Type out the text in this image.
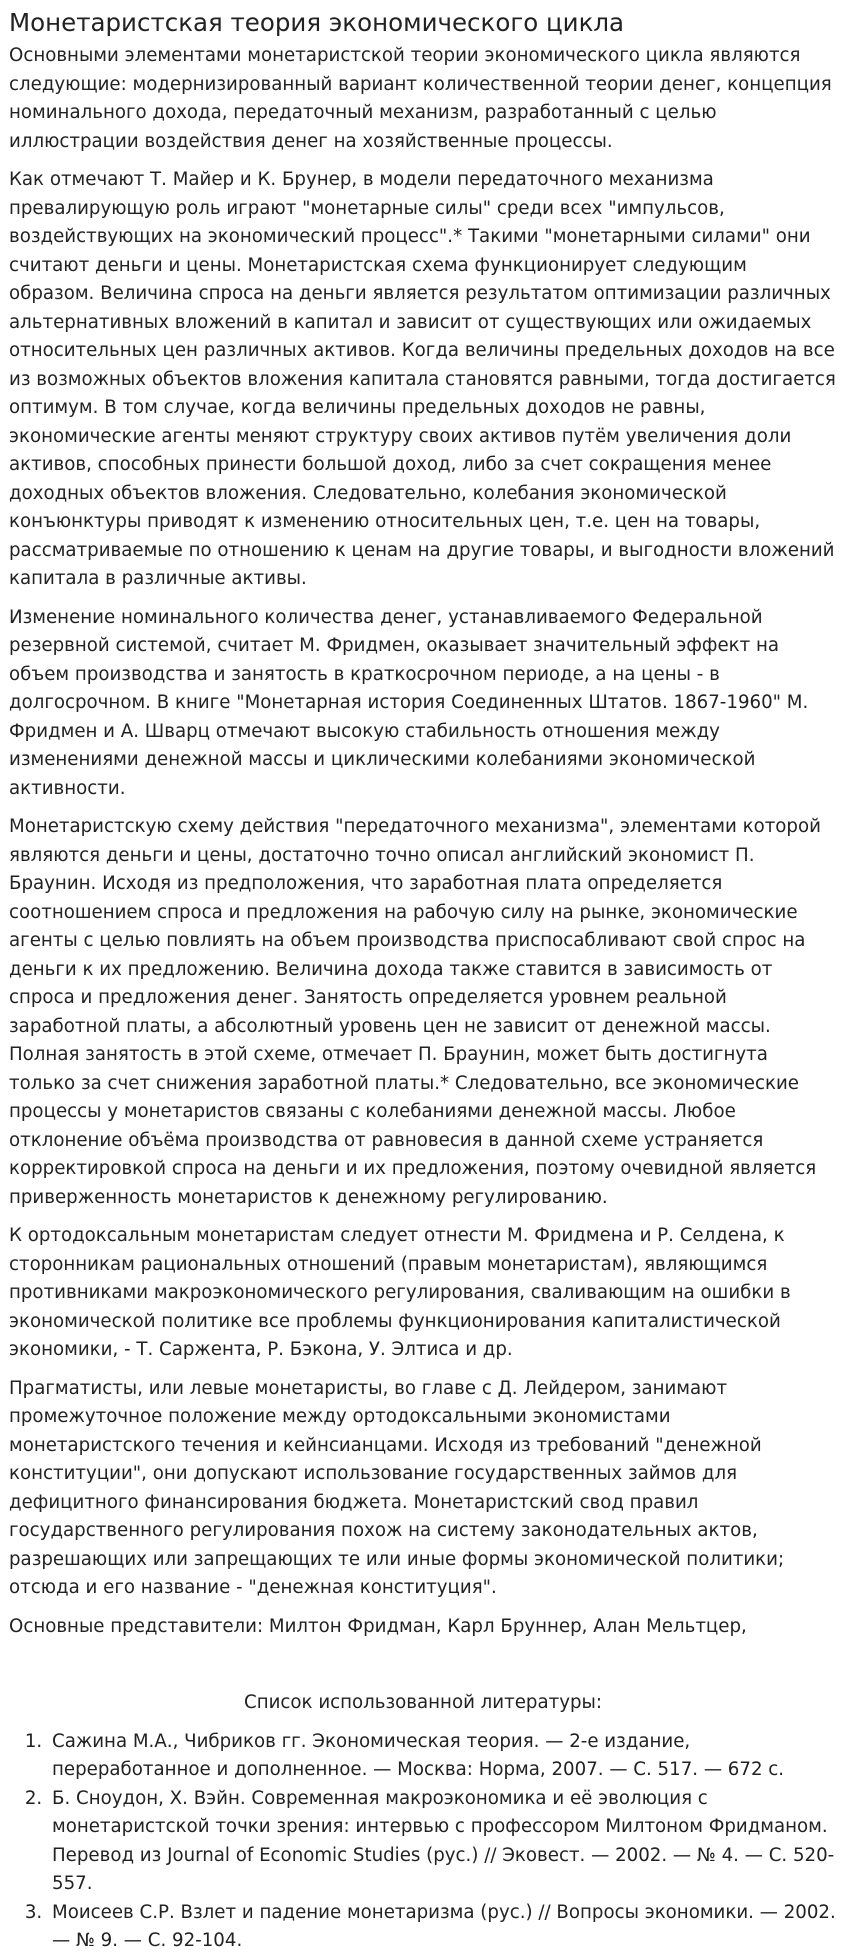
Монетаристская теория экономического цикла

Основными элементами монетаристской теории экономического цикла являются следующие: модернизированный вариант количественной теории денег, концепция номинального дохода, передаточный механизм, разработанный с целью иллюстрации воздействия денег на хозяйственные процессы.

Как отмечают Т. Майер и К. Брунер, в модели передаточного механизма превалирующую роль играют "монетарные силы" среди всех "импульсов, воздействующих на экономический процесс".* Такими "монетарными силами" они считают деньги и цены. Монетаристская схема функционирует следующим образом. Величина спроса на деньги является результатом оптимизации различных альтернативных вложений в капитал и зависит от существующих или ожидаемых относительных цен различных активов. Когда величины предельных доходов на все из возможных объектов вложения капитала становятся равными, тогда достигается оптимум. В том случае, когда величины предельных доходов не равны, экономические агенты меняют структуру своих активов путём увеличения доли активов, способных принести большой доход, либо за счет сокращения менее доходных объектов вложения. Следовательно, колебания экономической конъюнктуры приводят к изменению относительных цен, т.е. цен на товары, рассматриваемые по отношению к ценам на другие товары, и выгодности вложений капитала в различные активы.

Изменение номинального количества денег, устанавливаемого Федеральной резервной системой, считает М. Фридмен, оказывает значительный эффект на объем производства и занятость в краткосрочном периоде, а на цены - в долгосрочном. В книге "Монетарная история Соединенных Штатов. 1867-1960" М. Фридмен и А. Шварц отмечают высокую стабильность отношения между изменениями денежной массы и циклическими колебаниями экономической активности.

Монетаристскую схему действия "передаточного механизма", элементами которой являются деньги и цены, достаточно точно описал английский экономист П. Браунин. Исходя из предположения, что заработная плата определяется соотношением спроса и предложения на рабочую силу на рынке, экономические агенты с целью повлиять на объем производства приспосабливают свой спрос на деньги к их предложению. Величина дохода также ставится в зависимость от спроса и предложения денег. Занятость определяется уровнем реальной заработной платы, а абсолютный уровень цен не зависит от денежной массы. Полная занятость в этой схеме, отмечает П. Браунин, может быть достигнута только за счет снижения заработной платы.* Следовательно, все экономические процессы у монетаристов связаны с колебаниями денежной массы. Любое отклонение объёма производства от равновесия в данной схеме устраняется корректировкой спроса на деньги и их предложения, поэтому очевидной является приверженность монетаристов к денежному регулированию.

К ортодоксальным монетаристам следует отнести М. Фридмена и Р. Селдена, к сторонникам рациональных отношений (правым монетаристам), являющимся противниками макроэкономического регулирования, сваливающим на ошибки в экономической политике все проблемы функционирования капиталистической экономики, - Т. Саржента, Р. Бэкона, У. Элтиса и др.

Прагматисты, или левые монетаристы, во главе с Д. Лейдером, занимают промежуточное положение между ортодоксальными экономистами монетаристского течения и кейнсианцами. Исходя из требований "денежной конституции", они допускают использование государственных займов для дефицитного финансирования бюджета. Монетаристский свод правил государственного регулирования похож на систему законодательных актов, разрешающих или запрещающих те или иные формы экономической политики; отсюда и его название - "денежная конституция".

Основные представители: Милтон Фридман, Карл Бруннер, Алан Мельтцер,

Список использованной литературы:
1. Сажина М.А., Чибриков гг. Экономическая теория. — 2-е издание, переработанное и дополненное. — Москва: Норма, 2007. — С. 517. — 672 с.
2. Б. Сноудон, Х. Вэйн. Современная макроэкономика и её эволюция с монетаристской точки зрения: интервью с профессором Милтоном Фридманом. Перевод из Journal of Economic Studies (рус.) // Эковест. — 2002. — № 4. — С. 520-557.
3. Моисеев С.Р. Взлет и падение монетаризма (рус.) // Вопросы экономики. — 2002. — № 9. — С. 92-104.
